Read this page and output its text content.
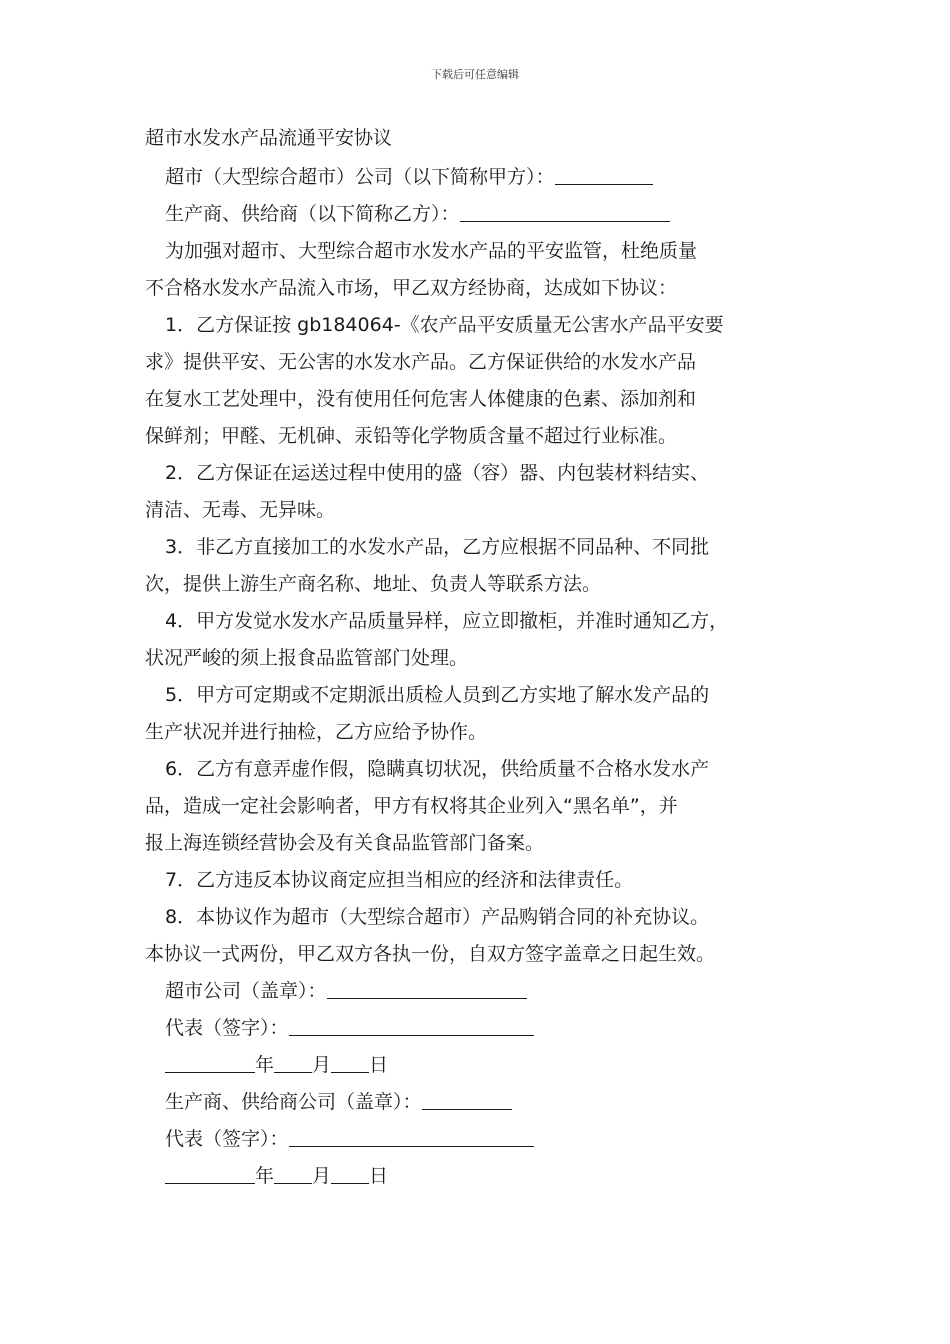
下载后可任意编辑
超市水发水产品流通平安协议
超市（大型综合超市）公司（以下简称甲方）：
生产商、供给商（以下简称乙方）：
为加强对超市、大型综合超市水发水产品的平安监管，杜绝质量
不合格水发水产品流入市场，甲乙双方经协商，达成如下协议：
1．乙方保证按 gb184064-《农产品平安质量无公害水产品平安要
求》提供平安、无公害的水发水产品。乙方保证供给的水发水产品
在复水工艺处理中，没有使用任何危害人体健康的色素、添加剂和
保鲜剂；甲醛、无机砷、汞铅等化学物质含量不超过行业标准。
2．乙方保证在运送过程中使用的盛（容）器、内包装材料结实、
清洁、无毒、无异味。
3．非乙方直接加工的水发水产品，乙方应根据不同品种、不同批
次，提供上游生产商名称、地址、负责人等联系方法。
4．甲方发觉水发水产品质量异样，应立即撤柜，并准时通知乙方，
状况严峻的须上报食品监管部门处理。
5．甲方可定期或不定期派出质检人员到乙方实地了解水发产品的
生产状况并进行抽检，乙方应给予协作。
6．乙方有意弄虚作假，隐瞒真切状况，供给质量不合格水发水产
品，造成一定社会影响者，甲方有权将其企业列入“黑名单”，并
报上海连锁经营协会及有关食品监管部门备案。
7．乙方违反本协议商定应担当相应的经济和法律责任。
8．本协议作为超市（大型综合超市）产品购销合同的补充协议。
本协议一式两份，甲乙双方各执一份，自双方签字盖章之日起生效。
超市公司（盖章）：
代表（签字）：
年 月 日
生产商、供给商公司（盖章）：
代表（签字）：
年 月 日
